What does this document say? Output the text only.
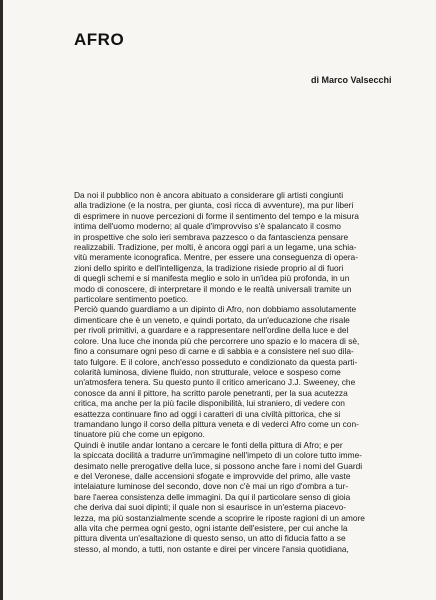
AFRO

di Marco Valsecchi

Da noi il pubblico non è ancora abituato a considerare gli artisti congiunti
alla tradizione (e la nostra, per giunta, così ricca di avventure), ma pur liberi
di esprimere in nuove percezioni di forme il sentimento del tempo e la misura
intima dell'uomo moderno; al quale d'improvviso s'è spalancato il cosmo
in prospettive che solo ieri sembrava pazzesco o da fantascienza pensare
realizzabili. Tradizione, per molti, è ancora oggi pari a un legame, una schia-
vitù meramente iconografica. Mentre, per essere una conseguenza di opera-
zioni dello spirito e dell'intelligenza, la tradizione risiede proprio al di fuori
di quegli schemi e si manifesta meglio e solo in un'idea più profonda, in un
modo di conoscere, di interpretare il mondo e le realtà universali tramite un
particolare sentimento poetico.

Perciò quando guardiamo a un dipinto di Afro, non dobbiamo assolutamente
dimenticare che è un veneto, e quindi portato, da un'educazione che risale
per rivoli primitivi, a guardare e a rappresentare nell'ordine della luce e del
colore. Una luce che inonda più che percorrere uno spazio e lo macera di sè,
fino a consumare ogni peso di carne e di sabbia e a consistere nel suo dila-
tato fulgore. E il colore, anch'esso posseduto e condizionato da questa parti-
colarità luminosa, diviene fluido, non strutturale, veloce e sospeso come
un'atmosfera tenera. Su questo punto il critico americano J.J. Sweeney, che
conosce da anni il pittore, ha scritto parole penetranti, per la sua acutezza
critica, ma anche per la più facile disponibilità, lui straniero, di vedere con
esattezza continuare fino ad oggi i caratteri di una civiltà pittorica, che si
tramandano lungo il corso della pittura veneta e di vederci Afro come un con-
tinuatore più che come un epigono.

Quindi è inutile andar lontano a cercare le fonti della pittura di Afro; e per
la spiccata docilità a tradurre un'immagine nell'impeto di un colore tutto imme-
desimato nelle prerogative della luce, si possono anche fare i nomi del Guardi
e del Veronese, dalle accensioni sfogate e improvvide del primo, alle vaste
intelaiature luminose del secondo, dove non c'è mai un rigo d'ombra a tur-
bare l'aerea consistenza delle immagini. Da qui il particolare senso di gioia
che deriva dai suoi dipinti; il quale non si esaurisce in un'esterna piacevo-
lezza, ma più sostanzialmente scende a scoprire le riposte ragioni di un amore
alla vita che permea ogni gesto, ogni istante dell'esistere, per cui anche la
pittura diventa un'esaltazione di questo senso, un atto di fiducia fatto a se
stesso, al mondo, a tutti, non ostante e direi per vincere l'ansia quotidiana,
